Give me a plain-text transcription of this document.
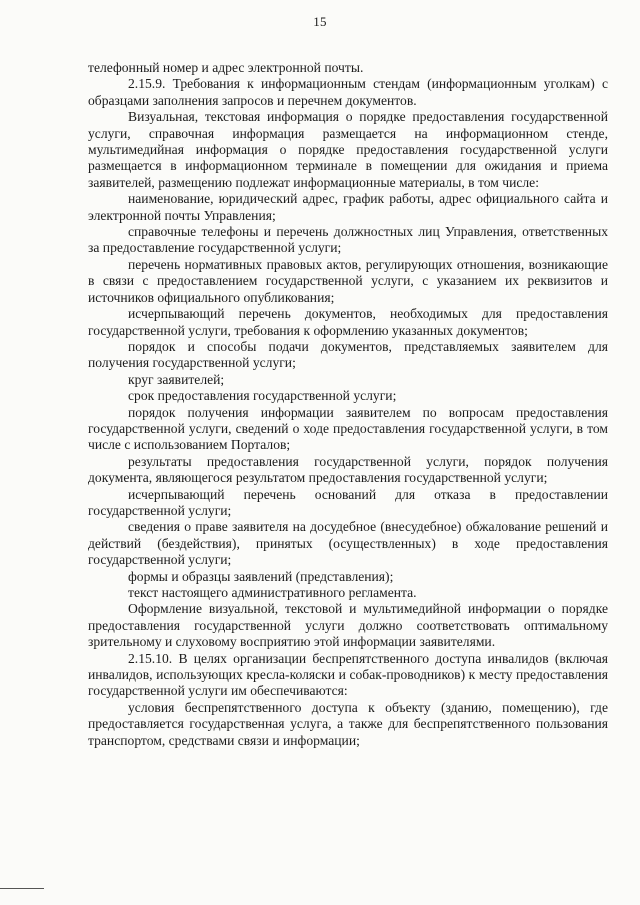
15

телефонный номер и адрес электронной почты.

2.15.9. Требования к информационным стендам (информационным уголкам) с образцами заполнения запросов и перечнем документов.

Визуальная, текстовая информация о порядке предоставления государственной услуги, справочная информация размещается на информационном стенде, мультимедийная информация о порядке предоставления государственной услуги размещается в информационном терминале в помещении для ожидания и приема заявителей, размещению подлежат информационные материалы, в том числе:

наименование, юридический адрес, график работы, адрес официального сайта и электронной почты Управления;

справочные телефоны и перечень должностных лиц Управления, ответственных за предоставление государственной услуги;

перечень нормативных правовых актов, регулирующих отношения, возникающие в связи с предоставлением государственной услуги, с указанием их реквизитов и источников официального опубликования;

исчерпывающий перечень документов, необходимых для предоставления государственной услуги, требования к оформлению указанных документов;

порядок и способы подачи документов, представляемых заявителем для получения государственной услуги;

круг заявителей;

срок предоставления государственной услуги;

порядок получения информации заявителем по вопросам предоставления государственной услуги, сведений о ходе предоставления государственной услуги, в том числе с использованием Порталов;

результаты предоставления государственной услуги, порядок получения документа, являющегося результатом предоставления государственной услуги;

исчерпывающий перечень оснований для отказа в предоставлении государственной услуги;

сведения о праве заявителя на досудебное (внесудебное) обжалование решений и действий (бездействия), принятых (осуществленных) в ходе предоставления государственной услуги;

формы и образцы заявлений (представления);

текст настоящего административного регламента.

Оформление визуальной, текстовой и мультимедийной информации о порядке предоставления государственной услуги должно соответствовать оптимальному зрительному и слуховому восприятию этой информации заявителями.

2.15.10. В целях организации беспрепятственного доступа инвалидов (включая инвалидов, использующих кресла-коляски и собак-проводников) к месту предоставления государственной услуги им обеспечиваются:

условия беспрепятственного доступа к объекту (зданию, помещению), где предоставляется государственная услуга, а также для беспрепятственного пользования транспортом, средствами связи и информации;
